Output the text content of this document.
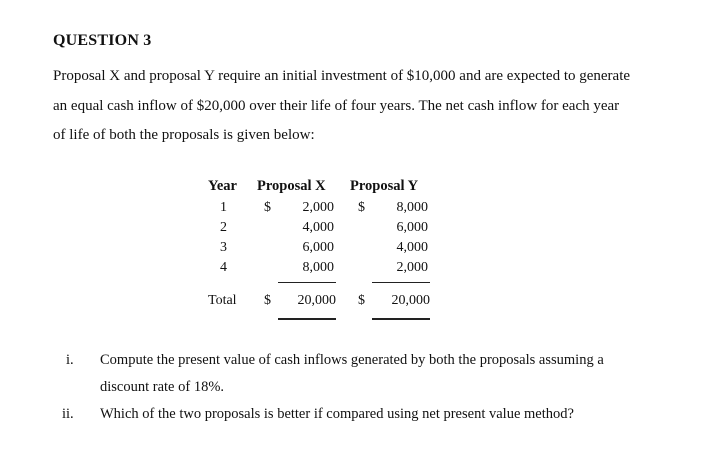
QUESTION 3
Proposal X and proposal Y require an initial investment of $10,000 and are expected to generate
an equal cash inflow of $20,000 over their life of four years. The net cash inflow for each year
of life of both the proposals is given below:
Year Proposal X Proposal Y
1	$	2,000 $	8,000
2	4,000	6,000
3	6,000	4,000
4	8,000	2,000
Total $	20,000 $	20,000
i. Compute the present value of cash inflows generated by both the proposals assuming a
discount rate of 18%.
ii. Which of the two proposals is better if compared using net present value method?
